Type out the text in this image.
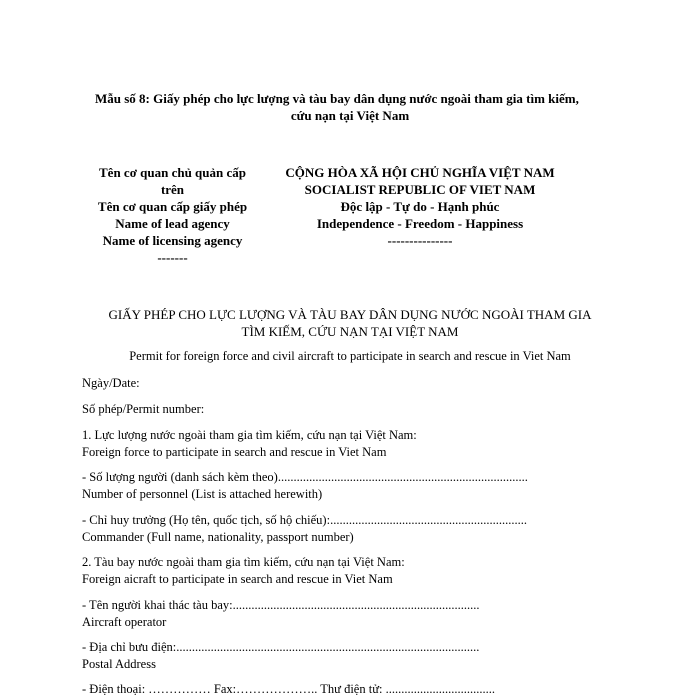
Mẫu số 8: Giấy phép cho lực lượng và tàu bay dân dụng nước ngoài tham gia tìm kiếm,
cứu nạn tại Việt Nam
Tên cơ quan chủ quản cấp
trên
Tên cơ quan cấp giấy phép
Name of lead agency
Name of licensing agency
-------
CỘNG HÒA XÃ HỘI CHỦ NGHĨA VIỆT NAM
SOCIALIST REPUBLIC OF VIET NAM
Độc lập - Tự do - Hạnh phúc
Independence - Freedom - Happiness
---------------
GIẤY PHÉP CHO LỰC LƯỢNG VÀ TÀU BAY DÂN DỤNG NƯỚC NGOÀI THAM GIA
TÌM KIẾM, CỨU NẠN TẠI VIỆT NAM
Permit for foreign force and civil aircraft to participate in search and rescue in Viet Nam
Ngày/Date:
Số phép/Permit number:
1. Lực lượng nước ngoài tham gia tìm kiếm, cứu nạn tại Việt Nam:
Foreign force to participate in search and rescue in Viet Nam
- Số lượng người (danh sách kèm theo)................................................................................
Number of personnel (List is attached herewith)
- Chỉ huy trưởng (Họ tên, quốc tịch, số hộ chiếu):...............................................................
Commander (Full name, nationality, passport number)
2. Tàu bay nước ngoài tham gia tìm kiếm, cứu nạn tại Việt Nam:
Foreign aicraft to participate in search and rescue in Viet Nam
- Tên người khai thác tàu bay:...............................................................................
Aircraft operator
- Địa chỉ bưu điện:.................................................................................................
Postal Address
- Điện thoại: …………… Fax:……………….. Thư điện tử: ...................................
